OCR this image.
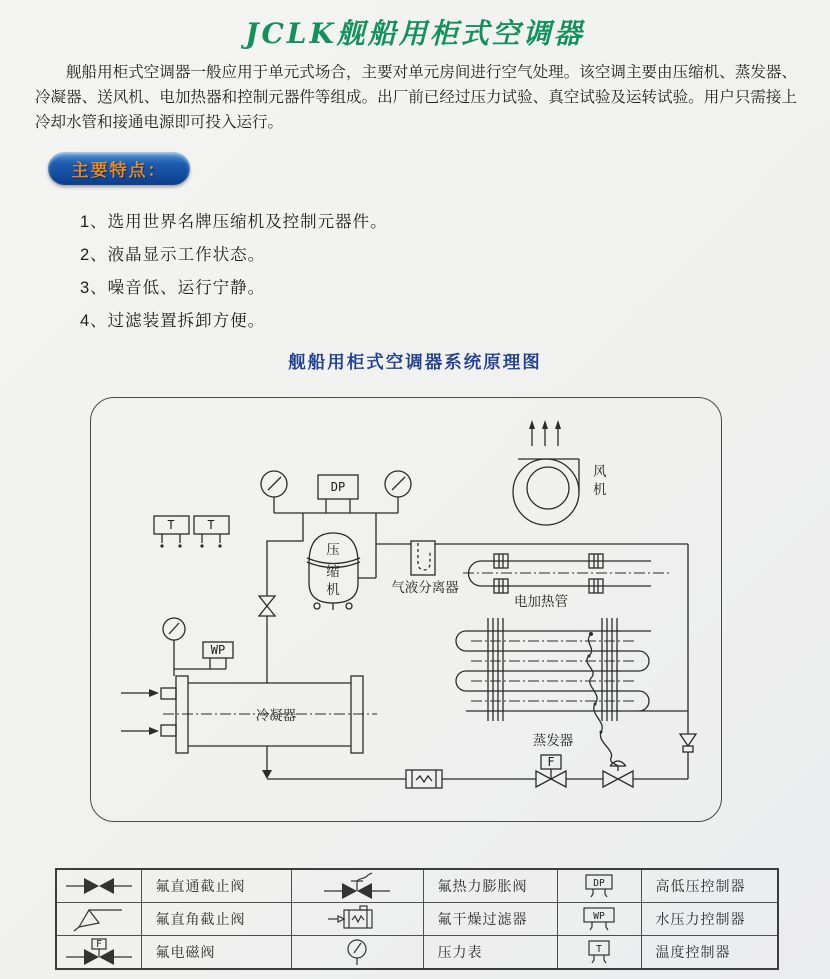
JCLK舰船用柜式空调器

舰船用柜式空调器一般应用于单元式场合，主要对单元房间进行空气处理。该空调主要由压缩机、蒸发器、冷凝器、送风机、电加热器和控制元器件等组成。出厂前已经过压力试验、真空试验及运转试验。用户只需接上冷却水管和接通电源即可投入运行。

主要特点：
1、选用世界名牌压缩机及控制元器件。
2、液晶显示工作状态。
3、噪音低、运行宁静。
4、过滤装置拆卸方便。
舰船用柜式空调器系统原理图
风
机
DP
T	T
压
缩
机	气液分离器
电加热管
蒸发器
冷凝器
WP
F
	氟直通截止阀		氟热力膨胀阀	DP	高低压控制器
	氟直角截止阀		氟干燥过滤器	WP	水压力控制器

F	氟电磁阀		压力表	T	温度控制器
